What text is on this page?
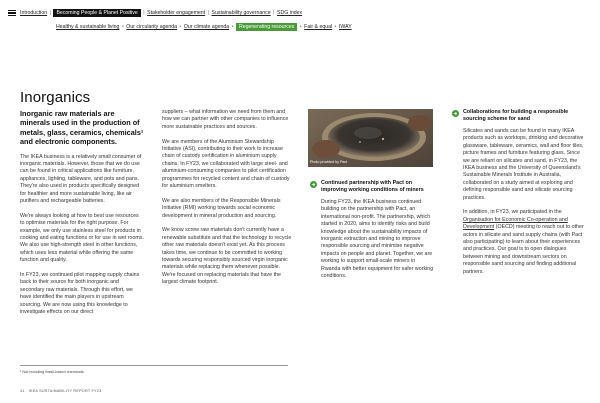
Introduction |	Becoming People & Planet Positive	| Stakeholder engagement | Sustainability governance | SDG index
Healthy & sustainable living • Our circularity agenda • Our climate agenda •	Regenerating resources	• Fair & equal • IWAY
Inorganics

Inorganic raw materials are minerals used in the production of metals, glass, ceramics, chemicals¹ and electronic components.

The IKEA business is a relatively small consumer of inorganic materials. However, those that we do use can be found in critical applications like furniture, appliances, lighting, tableware, and pots and pans. They're also used in products specifically designed for healthier and more sustainable living, like air purifiers and rechargeable batteries.

We're always looking at how to best use resources to optimise materials for the right purpose. For example, we only use stainless steel for products in cooking and eating functions or for use in wet rooms. We also use high-strength steel in other functions, which uses less material while offering the same function and quality.

In FY23, we continued pilot mapping supply chains back to their source for both inorganic and secondary raw materials. Through this effort, we have identified the main players in upstream sourcing. We are now using this knowledge to investigate effects on our direct

suppliers – what information we need from them and how we can partner with other companies to influence more sustainable practices and sources.

We are members of the Aluminium Stewardship Initiative (ASI), contributing to their work to increase chain of custody certification in aluminium supply chains. In FY23, we collaborated with large steel- and aluminium-consuming companies to pilot certification programmes for recycled content and chain of custody for aluminium smelters.

We are also members of the Responsible Minerals Initiative (RMI) working towards social economic development in mineral production and sourcing.

We know screw raw materials don't currently have a renewable substitute and that the technology to recycle other raw materials doesn't exist yet. As this process takes time, we continue to be committed to working towards securing responsibly sourced virgin inorganic materials while replacing them whenever possible. We're focused on replacing materials that have the largest climate footprint.

Photo provided by Pact
Continued partnership with Pact on improving working conditions of miners

During FY23, the IKEA business continued building on the partnership with Pact, an international non-profit. The partnership, which started in 2020, aims to identify risks and build knowledge about the sustainability impacts of inorganic extraction and mining to improve responsible sourcing and minimise negative impacts on people and planet. Together, we are working to support small-scale miners in Rwanda with better equipment for safer working conditions.

Collaborations for building a responsible sourcing scheme for sand

Silicates and sands can be found in many IKEA products such as worktops, drinking and decorative glassware, tableware, ceramics, wall and floor tiles, picture frames and furniture featuring glass. Since we are reliant on silicates and sand, in FY23, the IKEA business and the University of Queensland's Sustainable Minerals Institute in Australia, collaborated on a study aimed at exploring and defining responsible sand and silicate sourcing practices.

In addition, in FY23, we participated in the Organisation for Economic Co-operation and Development (OECD) meeting to reach out to other actors in silicate and sand supply chains (with Pact also participating) to learn about their experiences and practices. Our goal is to open dialogues between mining and downstream sectors on responsible sand sourcing and finding additional partners.

¹ Not including fossil-based chemicals.
41 · IKEA SUSTAINABILITY REPORT FY23
